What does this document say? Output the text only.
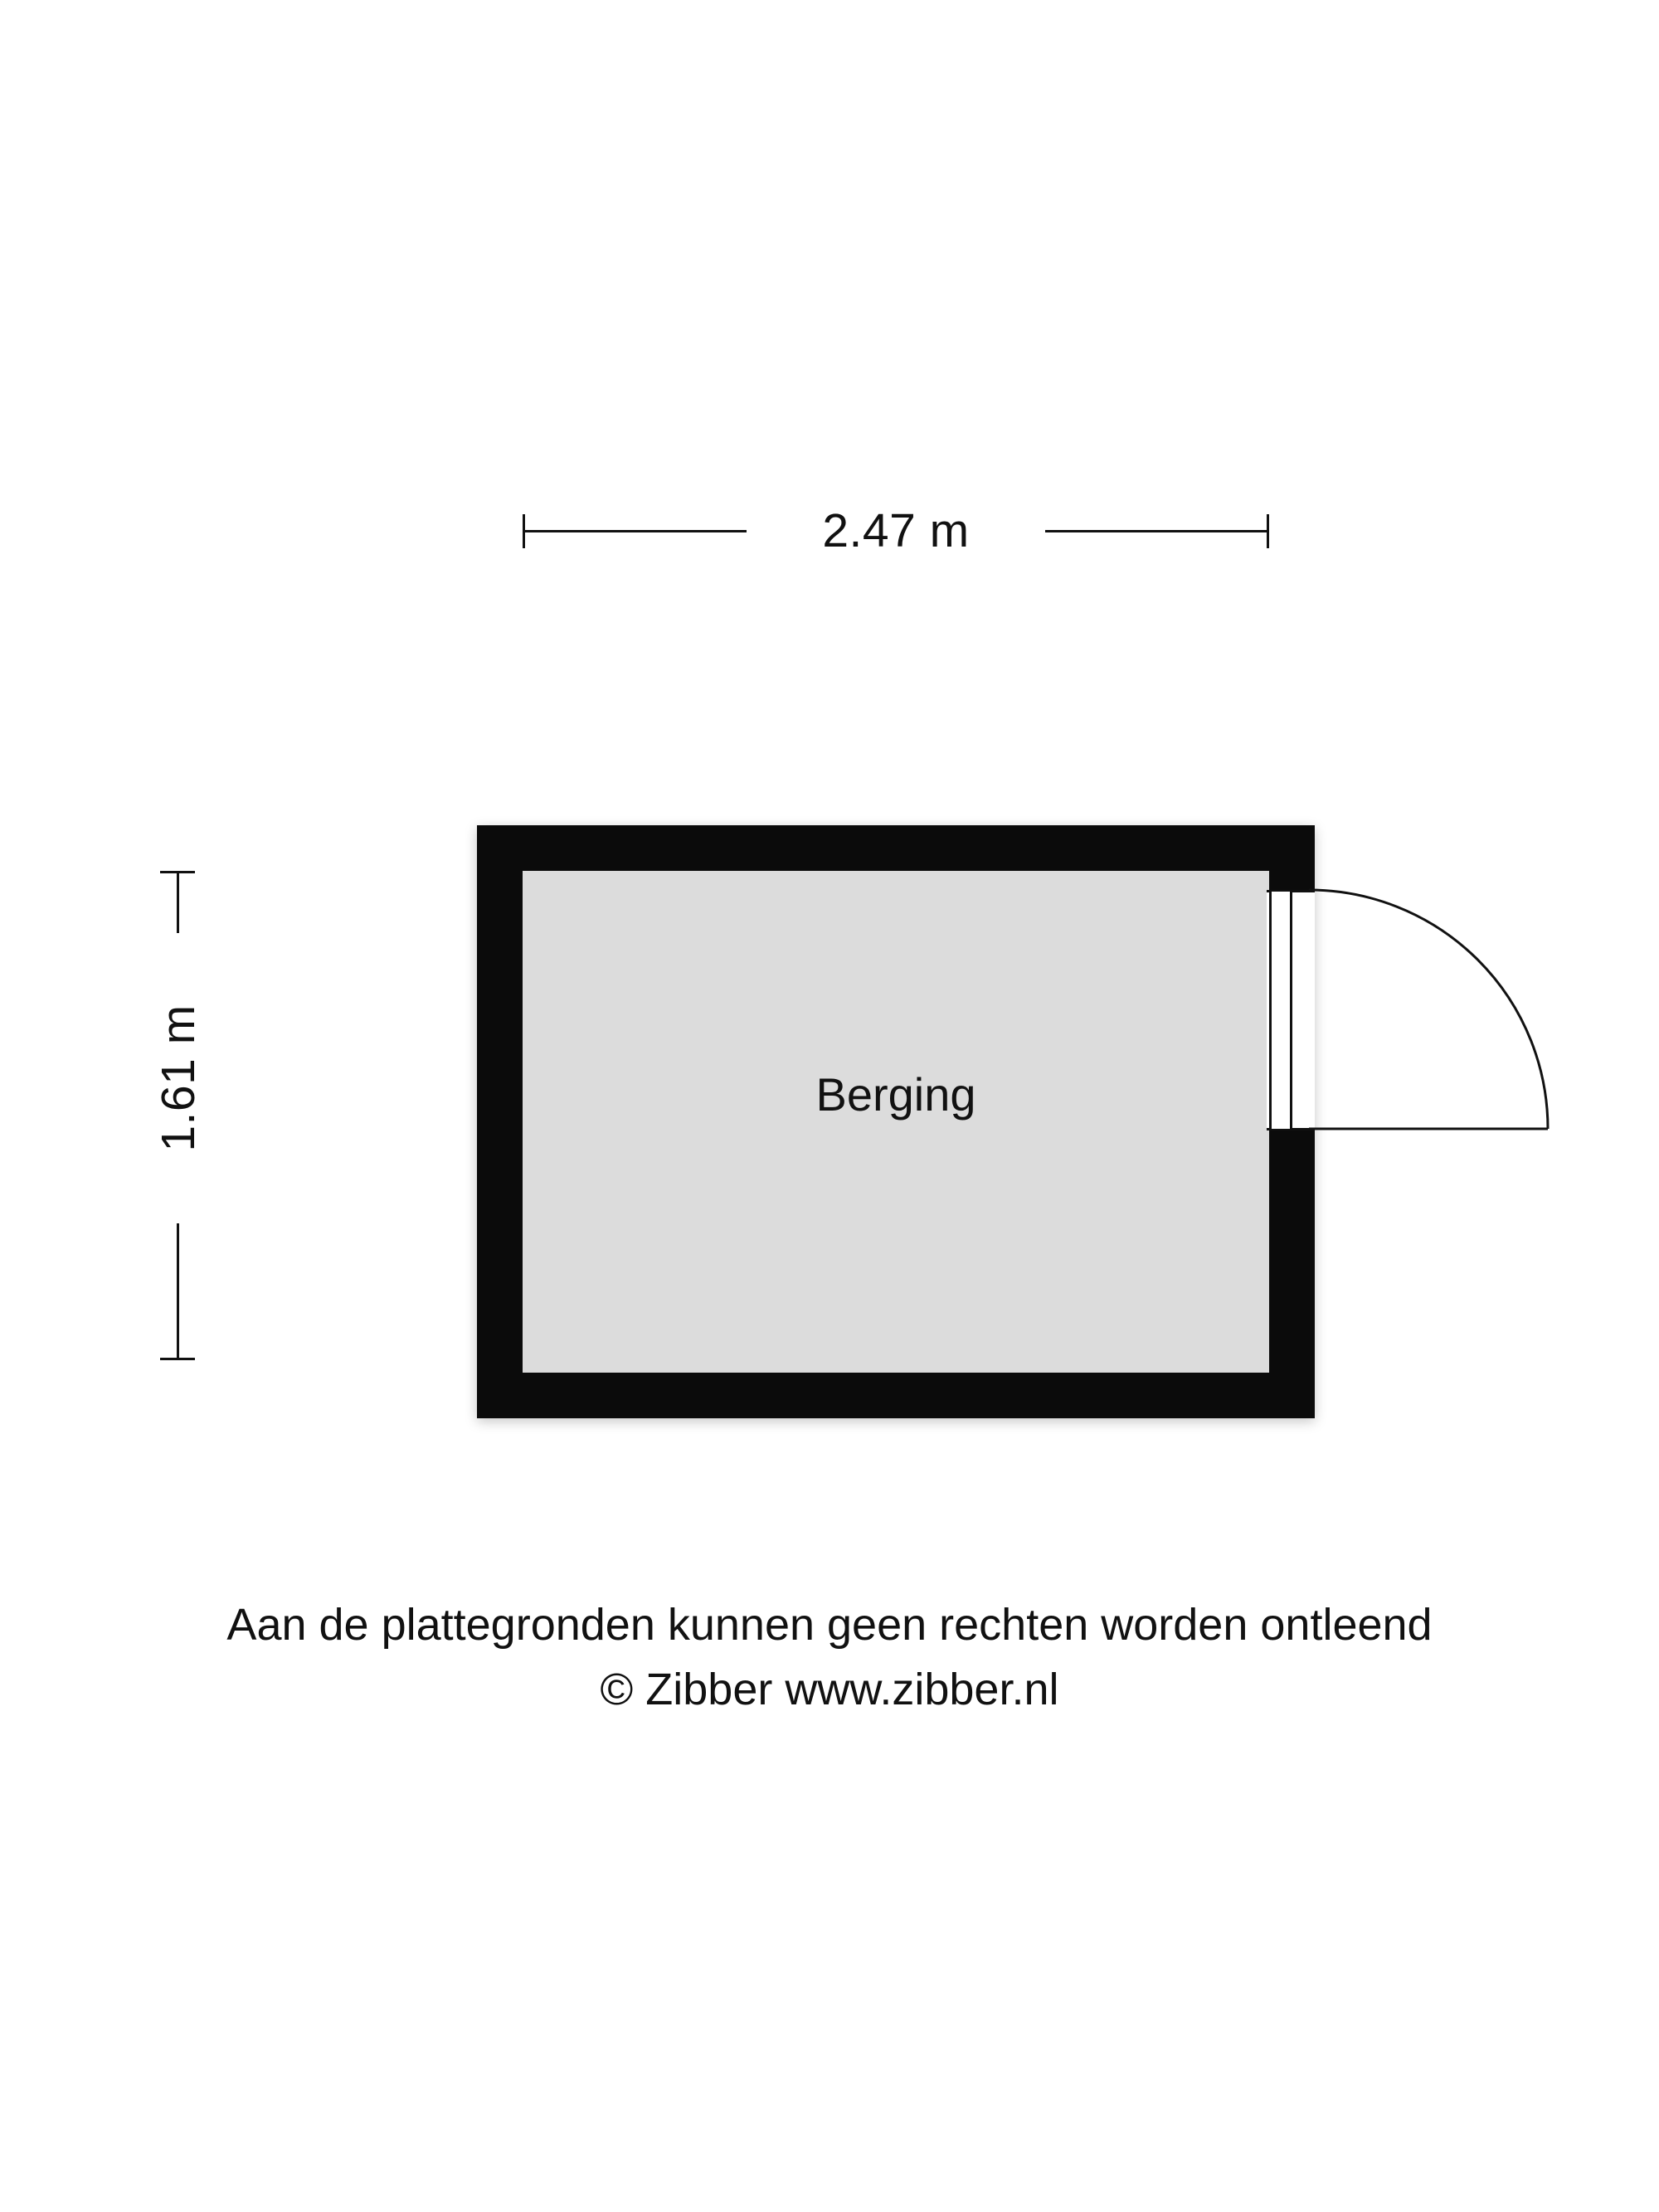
2.47 m
1.61 m	Berging
Aan de plattegronden kunnen geen rechten worden ontleend
© Zibber www.zibber.nl
